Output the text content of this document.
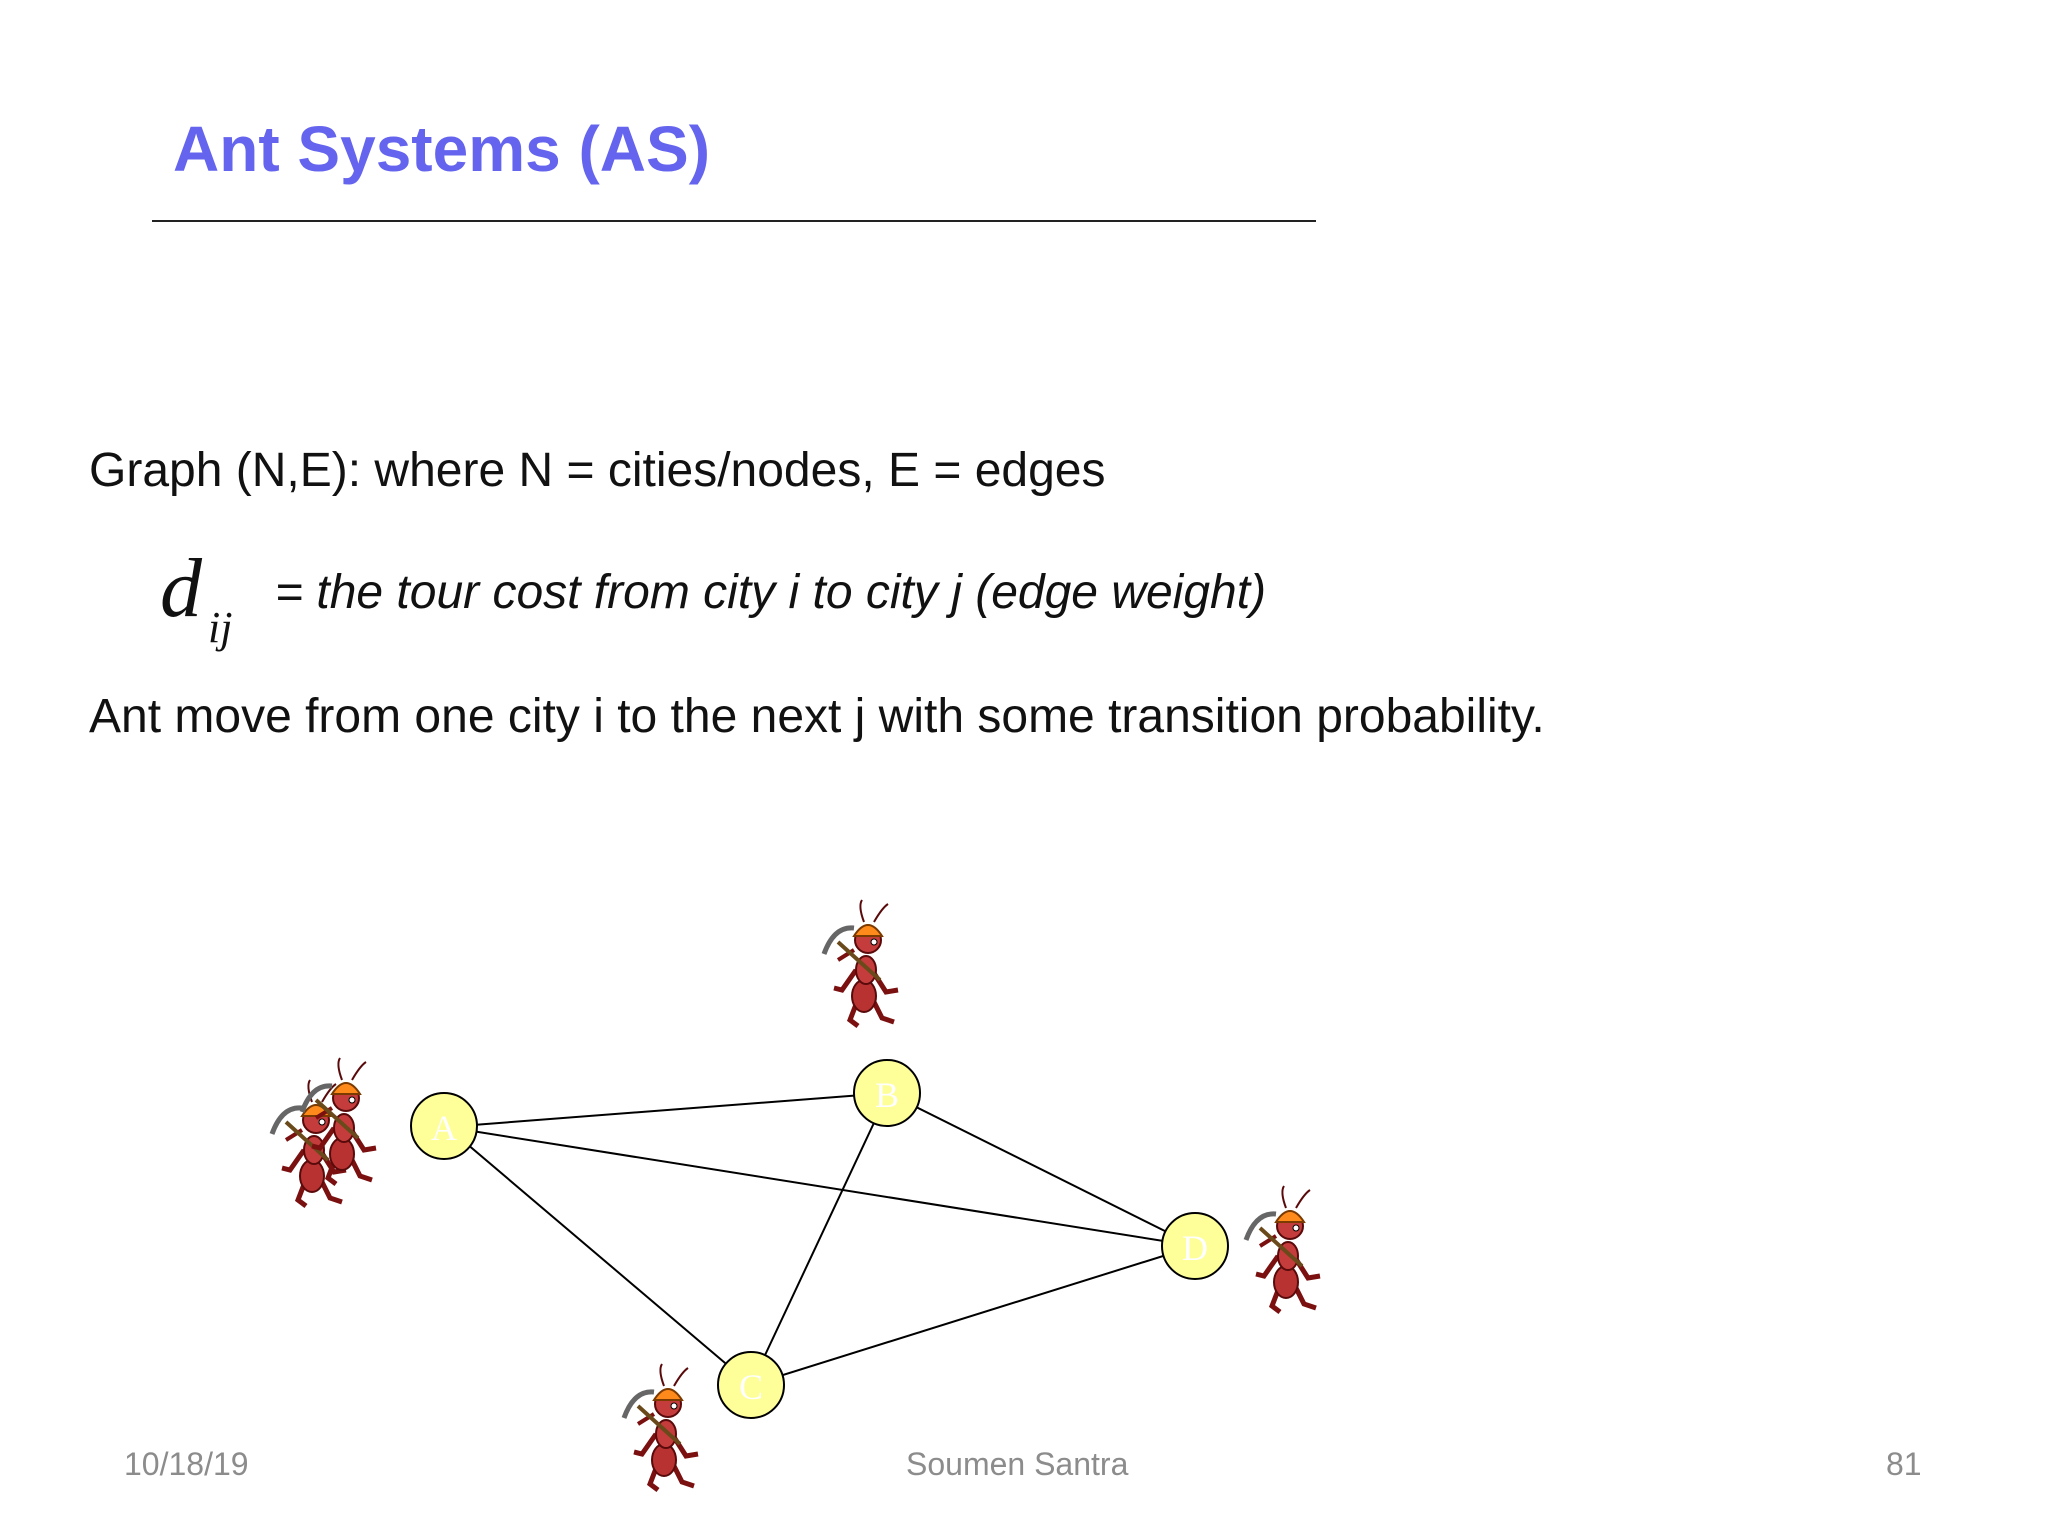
Ant Systems (AS)
Graph (N,E): where N = cities/nodes, E = edges
d ij
= the tour cost from city i to city j (edge weight)
Ant move from one city i to the next j with some transition probability.
A
B
C
D
10/18/19	Soumen Santra	81
